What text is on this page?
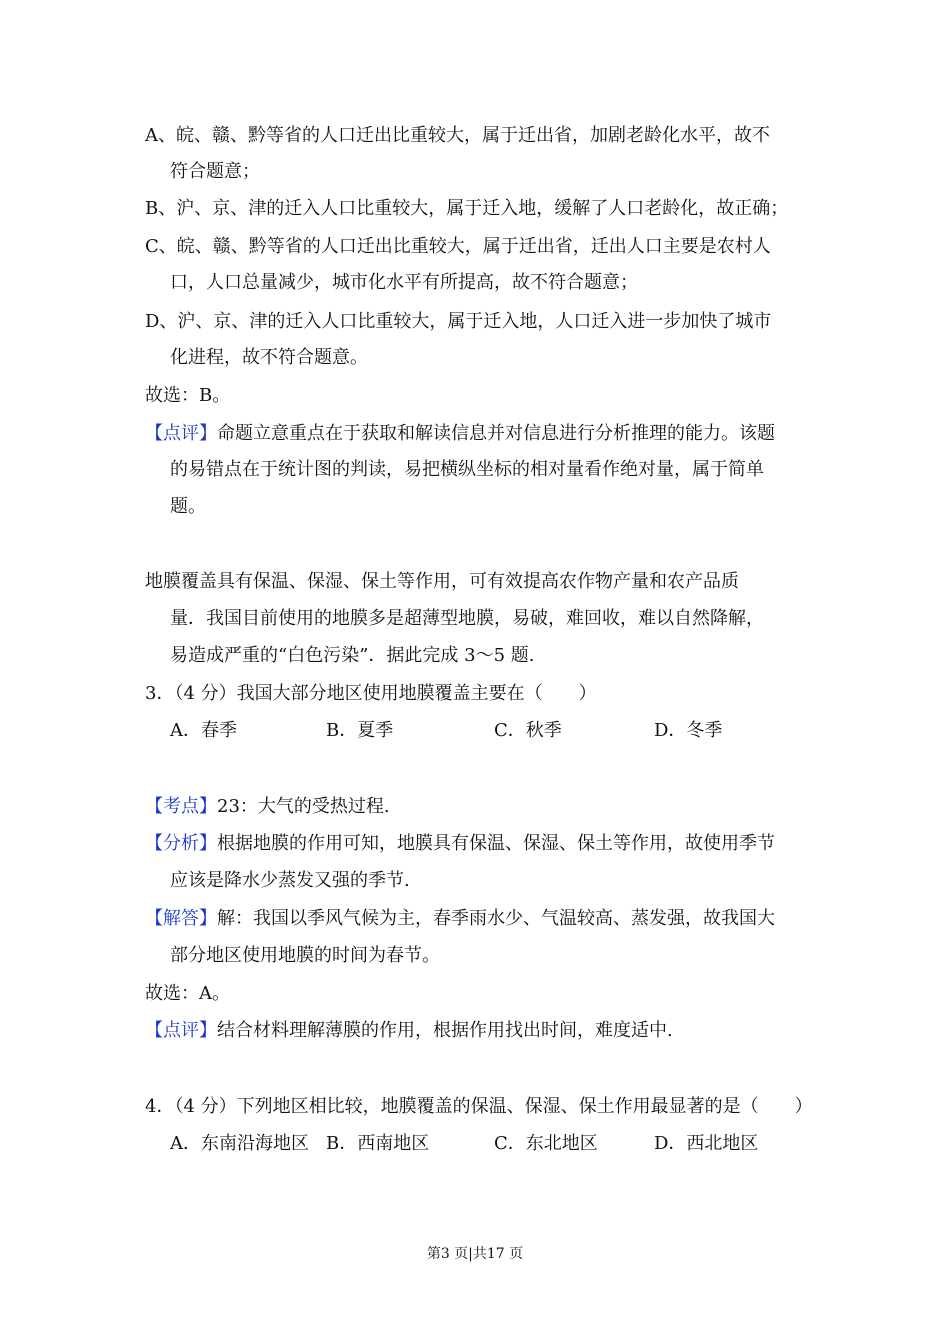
A、皖、赣、黔等省的人口迁出比重较大，属于迁出省，加剧老龄化水平，故不
符合题意；
B、沪、京、津的迁入人口比重较大，属于迁入地，缓解了人口老龄化，故正确；
C、皖、赣、黔等省的人口迁出比重较大，属于迁出省，迁出人口主要是农村人
口，人口总量减少，城市化水平有所提高，故不符合题意；
D、沪、京、津的迁入人口比重较大，属于迁入地，人口迁入进一步加快了城市
化进程，故不符合题意。
故选：B。
【点评】命题立意重点在于获取和解读信息并对信息进行分析推理的能力。该题
的易错点在于统计图的判读，易把横纵坐标的相对量看作绝对量，属于简单
题。
地膜覆盖具有保温、保湿、保土等作用，可有效提高农作物产量和农产品质
量．我国目前使用的地膜多是超薄型地膜，易破，难回收，难以自然降解，
易造成严重的“白色污染”．据此完成 3～5 题.
3．（4 分）我国大部分地区使用地膜覆盖主要在（　　）
A．春季	B．夏季	C．秋季	D．冬季
【考点】23：大气的受热过程.
【分析】根据地膜的作用可知，地膜具有保温、保湿、保土等作用，故使用季节
应该是降水少蒸发又强的季节.
【解答】解：我国以季风气候为主，春季雨水少、气温较高、蒸发强，故我国大
部分地区使用地膜的时间为春节。
故选：A。
【点评】结合材料理解薄膜的作用，根据作用找出时间，难度适中.
4．（4 分）下列地区相比较，地膜覆盖的保温、保湿、保土作用最显著的是（　　）
A．东南沿海地区 B．西南地区	C．东北地区	D．西北地区
第3 页|共17 页
